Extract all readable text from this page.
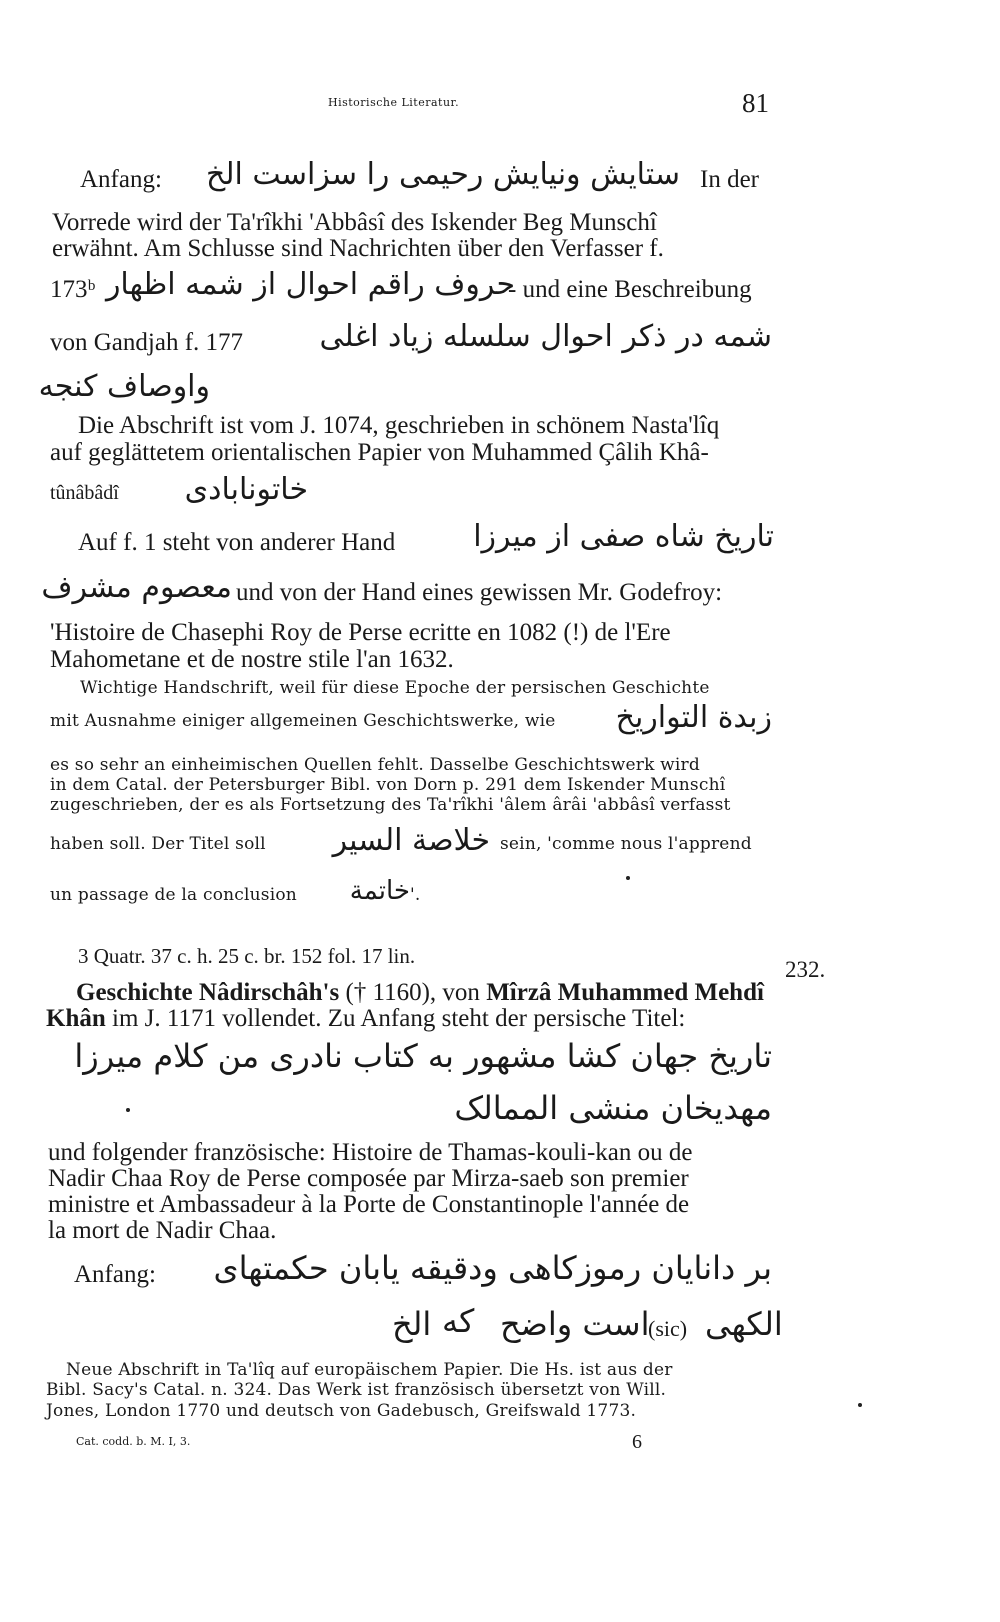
Historische Literatur.	81
Anfang: ستایش ونیایش رحیمی را سزاست الخ In der
Vorrede wird der Ta'rîkhi 'Abbâsî des Iskender Beg Munschî
erwähnt. Am Schlusse sind Nachrichten über den Verfasser f.
173ᵇ حروف راقم احوال از شمه اظهار
- und eine Beschreibung
von Gandjah f. 177	شمه در ذکر احوال سلسله زیاد اغلی
واوصاف کنجه
Die Abschrift ist vom J. 1074, geschrieben in schönem Nasta'lîq
auf geglättetem orientalischen Papier von Muhammed Çâlih Khâ-
tûnâbâdî خاتونابادی
Auf f. 1 steht von anderer Hand	تاریخ شاه صفی از میرزا
معصوم مشرف und von der Hand eines gewissen Mr. Godefroy:
'Histoire de Chasephi Roy de Perse ecritte en 1082 (!) de l'Ere
Mahometane et de nostre stile l'an 1632.
Wichtige Handschrift, weil für diese Epoche der persischen Geschichte
mit Ausnahme einiger allgemeinen Geschichtswerke, wie زبدة التواریخ
es so sehr an einheimischen Quellen fehlt. Dasselbe Geschichtswerk wird
in dem Catal. der Petersburger Bibl. von Dorn p. 291 dem Iskender Munschî
zugeschrieben, der es als Fortsetzung des Ta'rîkhi 'âlem ârâi 'abbâsî verfasst
haben soll. Der Titel soll خلاصة السیر sein, 'comme nous l'apprend
un passage de la conclusion خاتمة '.
3 Quatr. 37 c. h. 25 c. br. 152 fol. 17 lin.
232.
Geschichte Nâdirschâh's († 1160), von Mîrzâ Muhammed Mehdî
Khân im J. 1171 vollendet. Zu Anfang steht der persische Titel:
تاریخ جهان کشا مشهور به کتاب نادری من کلام میرزا
مهدیخان منشی الممالک
und folgender französische: Histoire de Thamas-kouli-kan ou de
Nadir Chaa Roy de Perse composée par Mirza-saeb son premier
ministre et Ambassadeur à la Porte de Constantinople l'année de
la mort de Nadir Chaa.
Anfang: بر دانایان رموزکاهی ودقیقه یابان حکمتهای
الخ که است واضح
(sic) الکهی
Neue Abschrift in Ta'lîq auf europäischem Papier. Die Hs. ist aus der
Bibl. Sacy's Catal. n. 324. Das Werk ist französisch übersetzt von Will.
Jones, London 1770 und deutsch von Gadebusch, Greifswald 1773.
Cat. codd. b. M. I, 3.	6
